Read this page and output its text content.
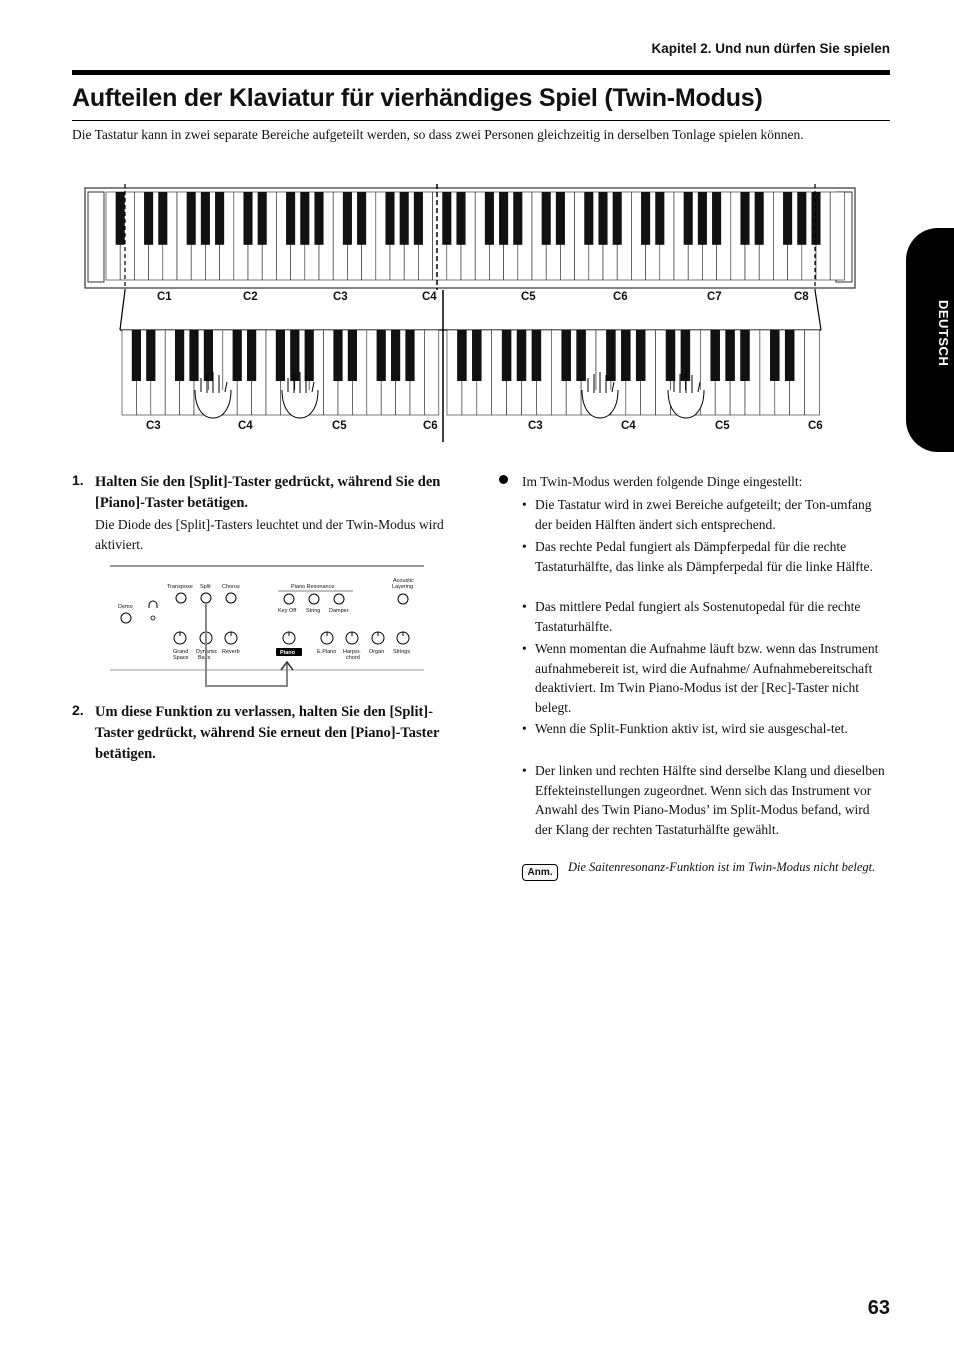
Kapitel 2. Und nun dürfen Sie spielen
Aufteilen der Klaviatur für vierhändiges Spiel (Twin-Modus)
Die Tastatur kann in zwei separate Bereiche aufgeteilt werden, so dass zwei Personen gleichzeitig in derselben Tonlage spielen können.
DEUTSCH
C1	C2	C3	C4	C5	C6	C7	C8
C3	C4	C5	C6	C3	C4	C5	C6
1. Halten Sie den [Split]-Taster gedrückt, während Sie den [Piano]-Taster betätigen.
Die Diode des [Split]-Tasters leuchtet und der Twin-Modus wird aktiviert.
Demo
Transpose Split Chorus	Piano Resonance
Key Off String Damper
Acoustic
Layering
Grand
Space
Dynamic
Bass
Reverb	Piano	E.Piano Harpsi-
chord
Organ Strings
2. Um diese Funktion zu verlassen, halten Sie den [Split]-Taster gedrückt, während Sie erneut den [Piano]-Taster betätigen.
Im Twin-Modus werden folgende Dinge eingestellt:
• Die Tastatur wird in zwei Bereiche aufgeteilt; der Ton-umfang der beiden Hälften ändert sich entsprechend.
• Das rechte Pedal fungiert als Dämpferpedal für die rechte Tastaturhälfte, das linke als Dämpferpedal für die linke Hälfte.
• Das mittlere Pedal fungiert als Sostenutopedal für die rechte Tastaturhälfte.
• Wenn momentan die Aufnahme läuft bzw. wenn das Instrument aufnahmebereit ist, wird die Aufnahme/ Aufnahmebereitschaft deaktiviert. Im Twin Piano-Modus ist der [Rec]-Taster nicht belegt.
• Wenn die Split-Funktion aktiv ist, wird sie ausgeschal-tet.
• Der linken und rechten Hälfte sind derselbe Klang und dieselben Effekteinstellungen zugeordnet. Wenn sich das Instrument vor Anwahl des Twin Piano-Modus’ im Split-Modus befand, wird der Klang der rechten Tastaturhälfte gewählt.
Anm.	Die Saitenresonanz-Funktion ist im Twin-Modus nicht belegt.
63
